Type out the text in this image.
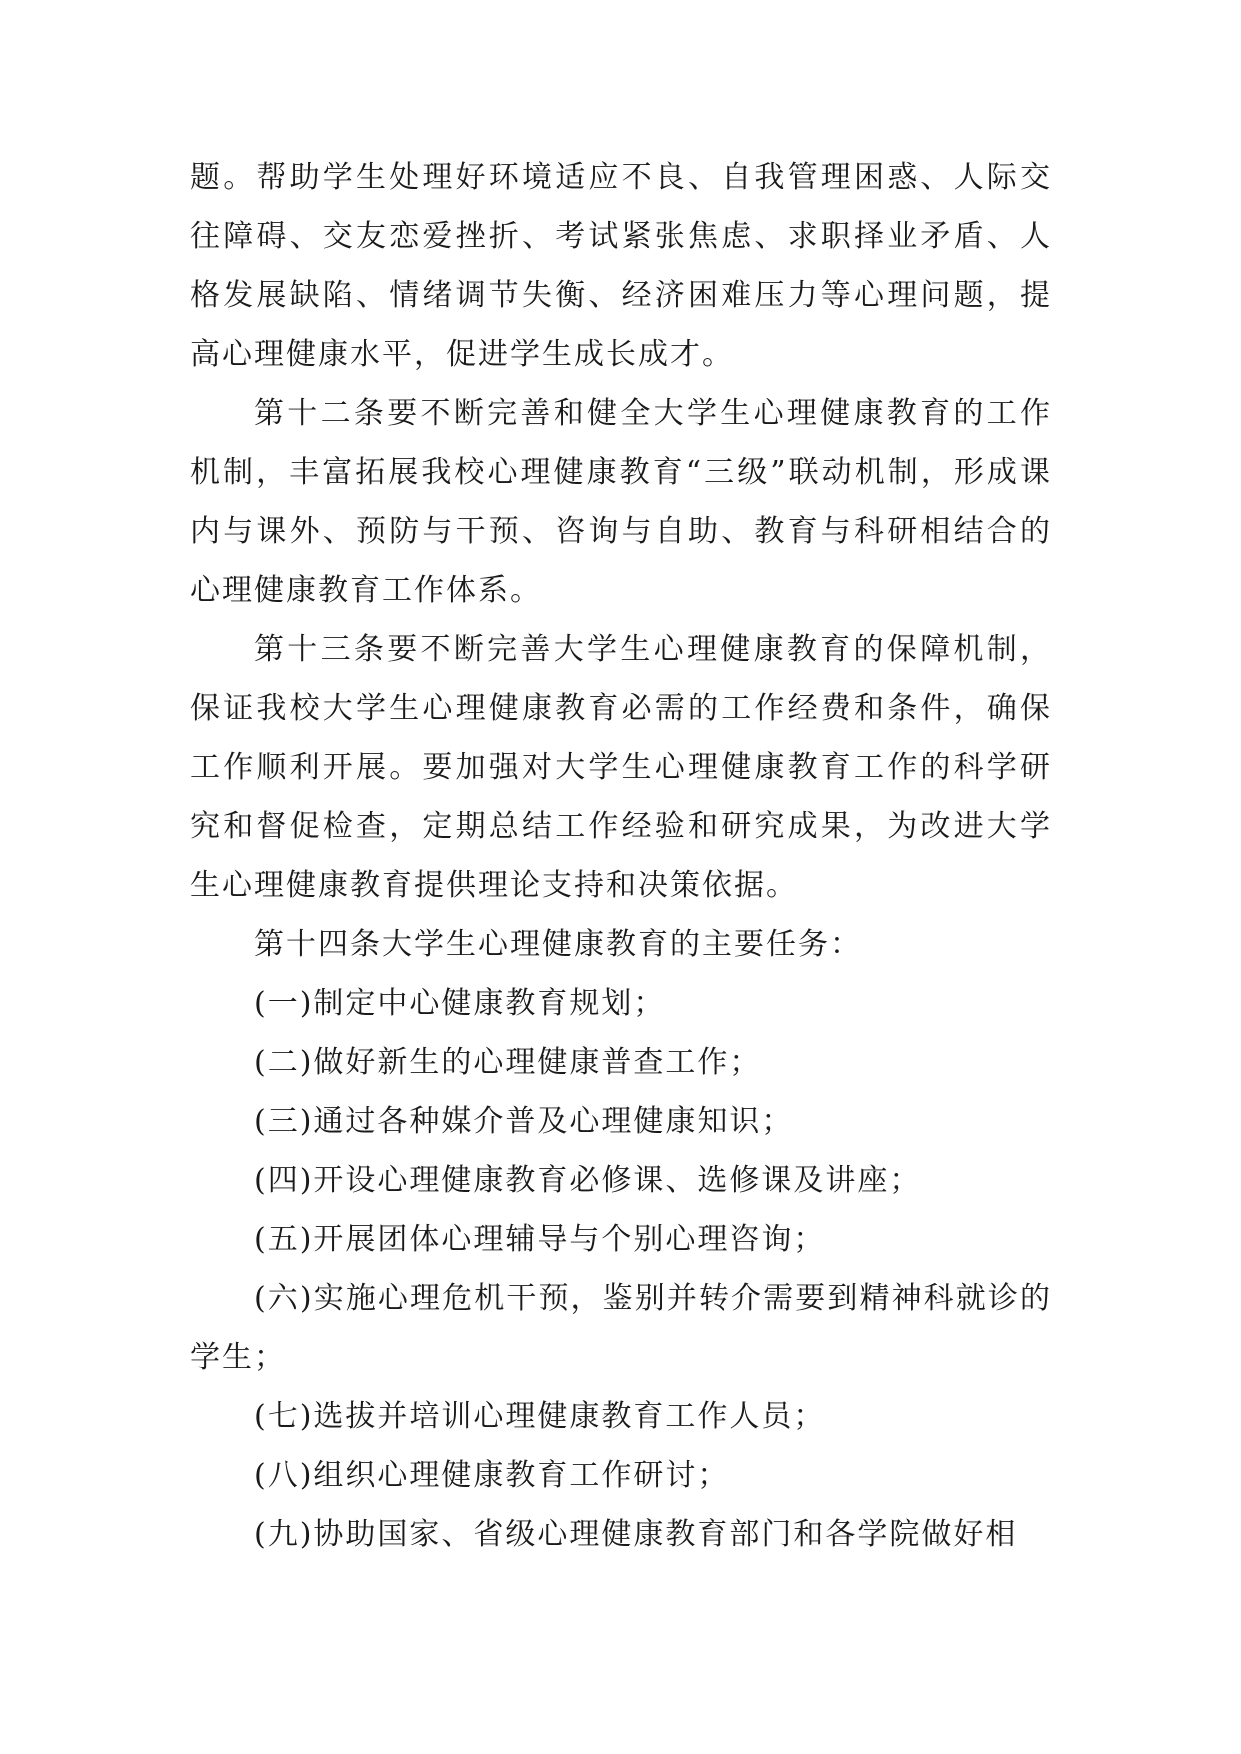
题。帮助学生处理好环境适应不良、自我管理困惑、人际交往障碍、交友恋爱挫折、考试紧张焦虑、求职择业矛盾、人格发展缺陷、情绪调节失衡、经济困难压力等心理问题，提高心理健康水平，促进学生成长成才。

第十二条要不断完善和健全大学生心理健康教育的工作机制，丰富拓展我校心理健康教育“三级”联动机制，形成课内与课外、预防与干预、咨询与自助、教育与科研相结合的心理健康教育工作体系。

第十三条要不断完善大学生心理健康教育的保障机制，保证我校大学生心理健康教育必需的工作经费和条件，确保工作顺利开展。要加强对大学生心理健康教育工作的科学研究和督促检查，定期总结工作经验和研究成果，为改进大学生心理健康教育提供理论支持和决策依据。

第十四条大学生心理健康教育的主要任务：

(一)制定中心健康教育规划；

(二)做好新生的心理健康普查工作；

(三)通过各种媒介普及心理健康知识；

(四)开设心理健康教育必修课、选修课及讲座；

(五)开展团体心理辅导与个别心理咨询；

(六)实施心理危机干预，鉴别并转介需要到精神科就诊的学生；

(七)选拔并培训心理健康教育工作人员；

(八)组织心理健康教育工作研讨；

(九)协助国家、省级心理健康教育部门和各学院做好相
